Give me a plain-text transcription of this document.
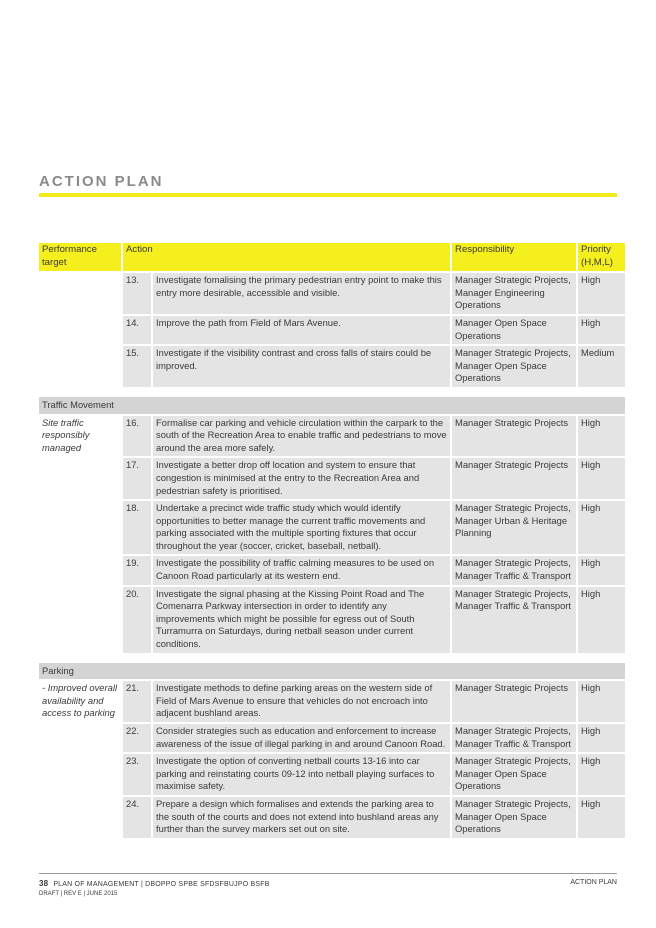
ACTION PLAN
Performance target	Action		Responsibility	Priority (H,M,L)
	13.	Investigate fomalising the primary pedestrian entry point to make this entry more desirable, accessible and visible.	Manager Strategic Projects, Manager Engineering Operations	High
	14.	Improve the path from Field of Mars Avenue.	Manager Open Space Operations	High
	15.	Investigate if the visibility contrast and cross falls of stairs could be improved.	Manager Strategic Projects, Manager Open Space Operations	Medium

Traffic Movement				
Site traffic responsibly managed	16.	Formalise car parking and vehicle circulation within the carpark to the south of the Recreation Area to enable traffic and pedestrians to move around the area more safely.	Manager Strategic Projects	High
	17.	Investigate a better drop off location and system to ensure that congestion is minimised at the entry to the Recreation Area and pedestrian safety is prioritised.	Manager Strategic Projects	High
	18.	Undertake a precinct wide traffic study which would identify opportunities to better manage the current traffic movements and parking associated with the multiple sporting fixtures that occur throughout the year (soccer, cricket, baseball, netball).	Manager Strategic Projects, Manager Urban & Heritage Planning	High
	19.	Investigate the possibility of traffic calming measures to be used on Canoon Road particularly at its western end.	Manager Strategic Projects, Manager Traffic & Transport	High
	20.	Investigate the signal phasing at the Kissing Point Road and The Comenarra Parkway intersection in order to identify any improvements which might be possible for egress out of South Turramurra on Saturdays, during netball season under current conditions.	Manager Strategic Projects, Manager Traffic & Transport	High

Parking				
- Improved overall availability and access to parking	21.	Investigate methods to define parking areas on the western side of Field of Mars Avenue to ensure that vehicles do not encroach into adjacent bushland areas.	Manager Strategic Projects	High
	22.	Consider strategies such as education and enforcement to increase awareness of the issue of illegal parking in and around Canoon Road.	Manager Strategic Projects, Manager Traffic & Transport	High
	23.	Investigate the option of converting netball courts 13-16 into car parking and reinstating courts 09-12 into netball playing surfaces to maximise safety.	Manager Strategic Projects, Manager Open Space Operations	High
	24.	Prepare a design which formalises and extends the parking area to the south of the courts and does not extend into bushland areas any further than the survey markers set out on site.	Manager Strategic Projects, Manager Open Space Operations	High
38 PLAN OF MANAGEMENT | DBOPPO SPBE SFDSFBUJPO BSFB
DRAFT | REV E | JUNE 2015
ACTION PLAN
